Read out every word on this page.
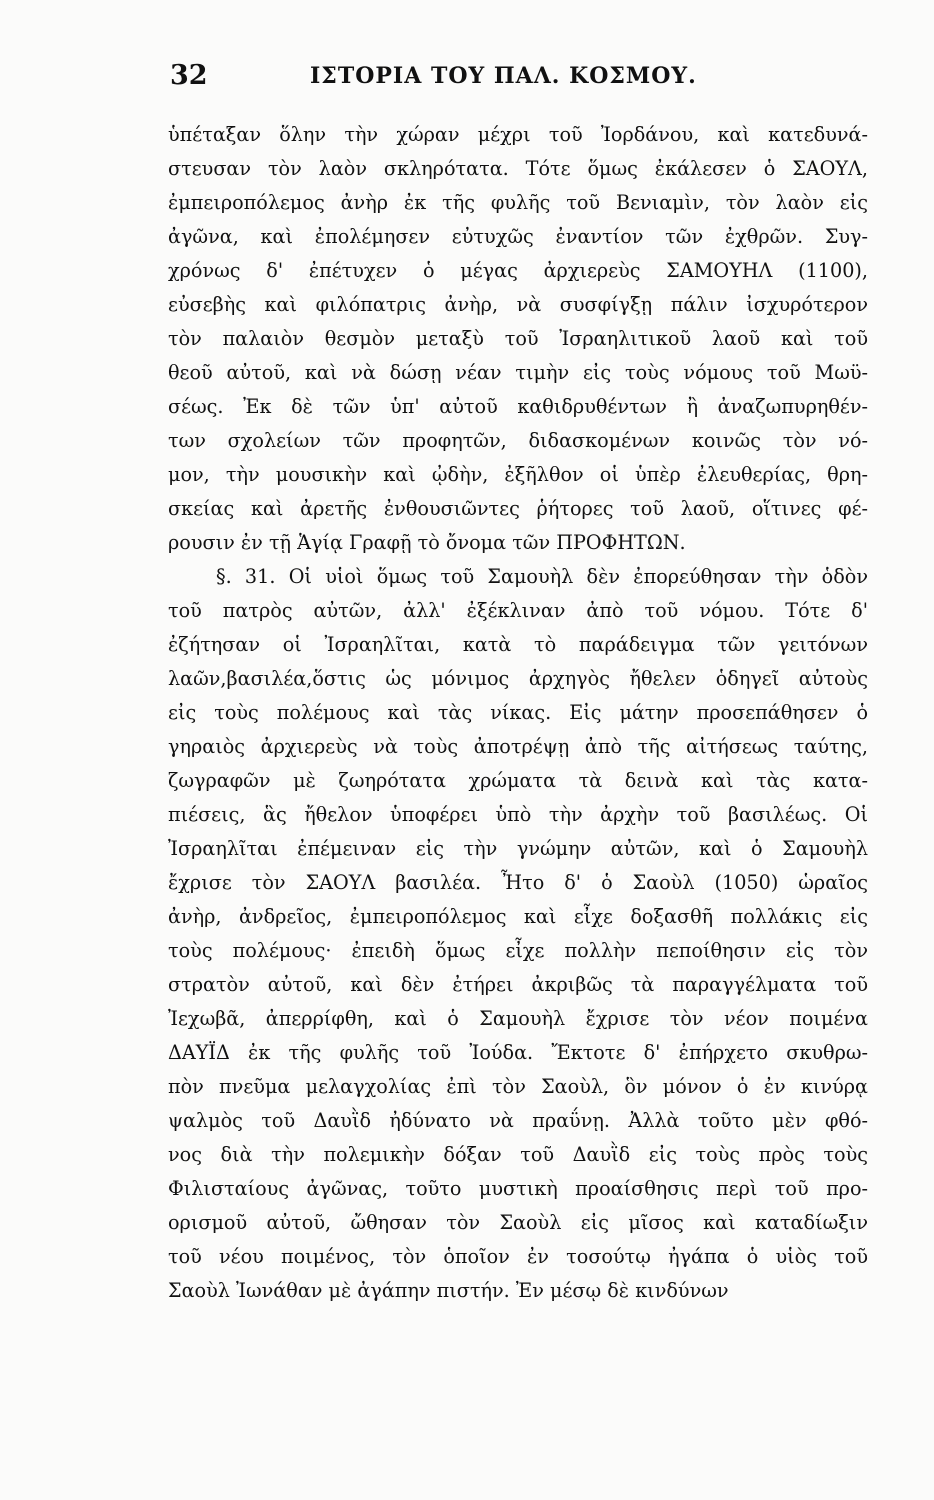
32	ΙΣΤΟΡΙΑ ΤΟΥ ΠΑΛ. ΚΟΣΜΟΥ.
ὑπέταξαν ὅλην τὴν χώραν μέχρι τοῦ Ἰορδάνου, καὶ κατεδυνά-
στευσαν τὸν λαὸν σκληρότατα. Τότε ὅμως ἐκάλεσεν ὁ ΣΑΟΥΛ,
ἐμπειροπόλεμος ἀνὴρ ἐκ τῆς φυλῆς τοῦ Βενιαμὶν, τὸν λαὸν εἰς
ἀγῶνα, καὶ ἐπολέμησεν εὐτυχῶς ἐναντίον τῶν ἐχθρῶν. Συγ-
χρόνως δ' ἐπέτυχεν ὁ μέγας ἀρχιερεὺς ΣΑΜΟΥΗΛ (1100),
εὐσεβὴς καὶ φιλόπατρις ἀνὴρ, νὰ συσφίγξῃ πάλιν ἰσχυρότερον
τὸν παλαιὸν θεσμὸν μεταξὺ τοῦ Ἰσραηλιτικοῦ λαοῦ καὶ τοῦ
θεοῦ αὐτοῦ, καὶ νὰ δώσῃ νέαν τιμὴν εἰς τοὺς νόμους τοῦ Μωϋ-
σέως. Ἐκ δὲ τῶν ὑπ' αὐτοῦ καθιδρυθέντων ἢ ἀναζωπυρηθέν-
των σχολείων τῶν προφητῶν, διδασκομένων κοινῶς τὸν νό-
μον, τὴν μουσικὴν καὶ ᾠδὴν, ἐξῆλθον οἱ ὑπὲρ ἐλευθερίας, θρη-
σκείας καὶ ἀρετῆς ἐνθουσιῶντες ῥήτορες τοῦ λαοῦ, οἵτινες φέ-
ρουσιν ἐν τῇ Ἁγίᾳ Γραφῇ τὸ ὄνομα τῶν ΠΡΟΦΗΤΩΝ.
§. 31. Οἱ υἱοὶ ὅμως τοῦ Σαμουὴλ δὲν ἐπορεύθησαν τὴν ὁδὸν
τοῦ πατρὸς αὐτῶν, ἀλλ' ἐξέκλιναν ἀπὸ τοῦ νόμου. Τότε δ'
ἐζήτησαν οἱ Ἰσραηλῖται, κατὰ τὸ παράδειγμα τῶν γειτόνων
λαῶν,βασιλέα,ὅστις ὡς μόνιμος ἀρχηγὸς ἤθελεν ὁδηγεῖ αὐτοὺς
εἰς τοὺς πολέμους καὶ τὰς νίκας. Εἰς μάτην προσεπάθησεν ὁ
γηραιὸς ἀρχιερεὺς νὰ τοὺς ἀποτρέψῃ ἀπὸ τῆς αἰτήσεως ταύτης,
ζωγραφῶν μὲ ζωηρότατα χρώματα τὰ δεινὰ καὶ τὰς κατα-
πιέσεις, ἃς ἤθελον ὑποφέρει ὑπὸ τὴν ἀρχὴν τοῦ βασιλέως. Οἱ
Ἰσραηλῖται ἐπέμειναν εἰς τὴν γνώμην αὐτῶν, καὶ ὁ Σαμουὴλ
ἔχρισε τὸν ΣΑΟΥΛ βασιλέα. Ἦτο δ' ὁ Σαοὺλ (1050) ὡραῖος
ἀνὴρ, ἀνδρεῖος, ἐμπειροπόλεμος καὶ εἶχε δοξασθῆ πολλάκις εἰς
τοὺς πολέμους· ἐπειδὴ ὅμως εἶχε πολλὴν πεποίθησιν εἰς τὸν
στρατὸν αὐτοῦ, καὶ δὲν ἐτήρει ἀκριβῶς τὰ παραγγέλματα τοῦ
Ἰεχωβᾶ, ἀπερρίφθη, καὶ ὁ Σαμουὴλ ἔχρισε τὸν νέον ποιμένα
ΔΑΥΪΔ ἐκ τῆς φυλῆς τοῦ Ἰούδα. Ἔκτοτε δ' ἐπήρχετο σκυθρω-
πὸν πνεῦμα μελαγχολίας ἐπὶ τὸν Σαοὺλ, ὃν μόνον ὁ ἐν κινύρᾳ
ψαλμὸς τοῦ Δαυῒδ ἠδύνατο νὰ πραΰνῃ. Ἀλλὰ τοῦτο μὲν φθό-
νος διὰ τὴν πολεμικὴν δόξαν τοῦ Δαυῒδ εἰς τοὺς πρὸς τοὺς
Φιλισταίους ἀγῶνας, τοῦτο μυστικὴ προαίσθησις περὶ τοῦ προ-
ορισμοῦ αὐτοῦ, ὤθησαν τὸν Σαοὺλ εἰς μῖσος καὶ καταδίωξιν
τοῦ νέου ποιμένος, τὸν ὁποῖον ἐν τοσούτῳ ἠγάπα ὁ υἱὸς τοῦ
Σαοὺλ Ἰωνάθαν μὲ ἀγάπην πιστήν. Ἐν μέσῳ δὲ κινδύνων
